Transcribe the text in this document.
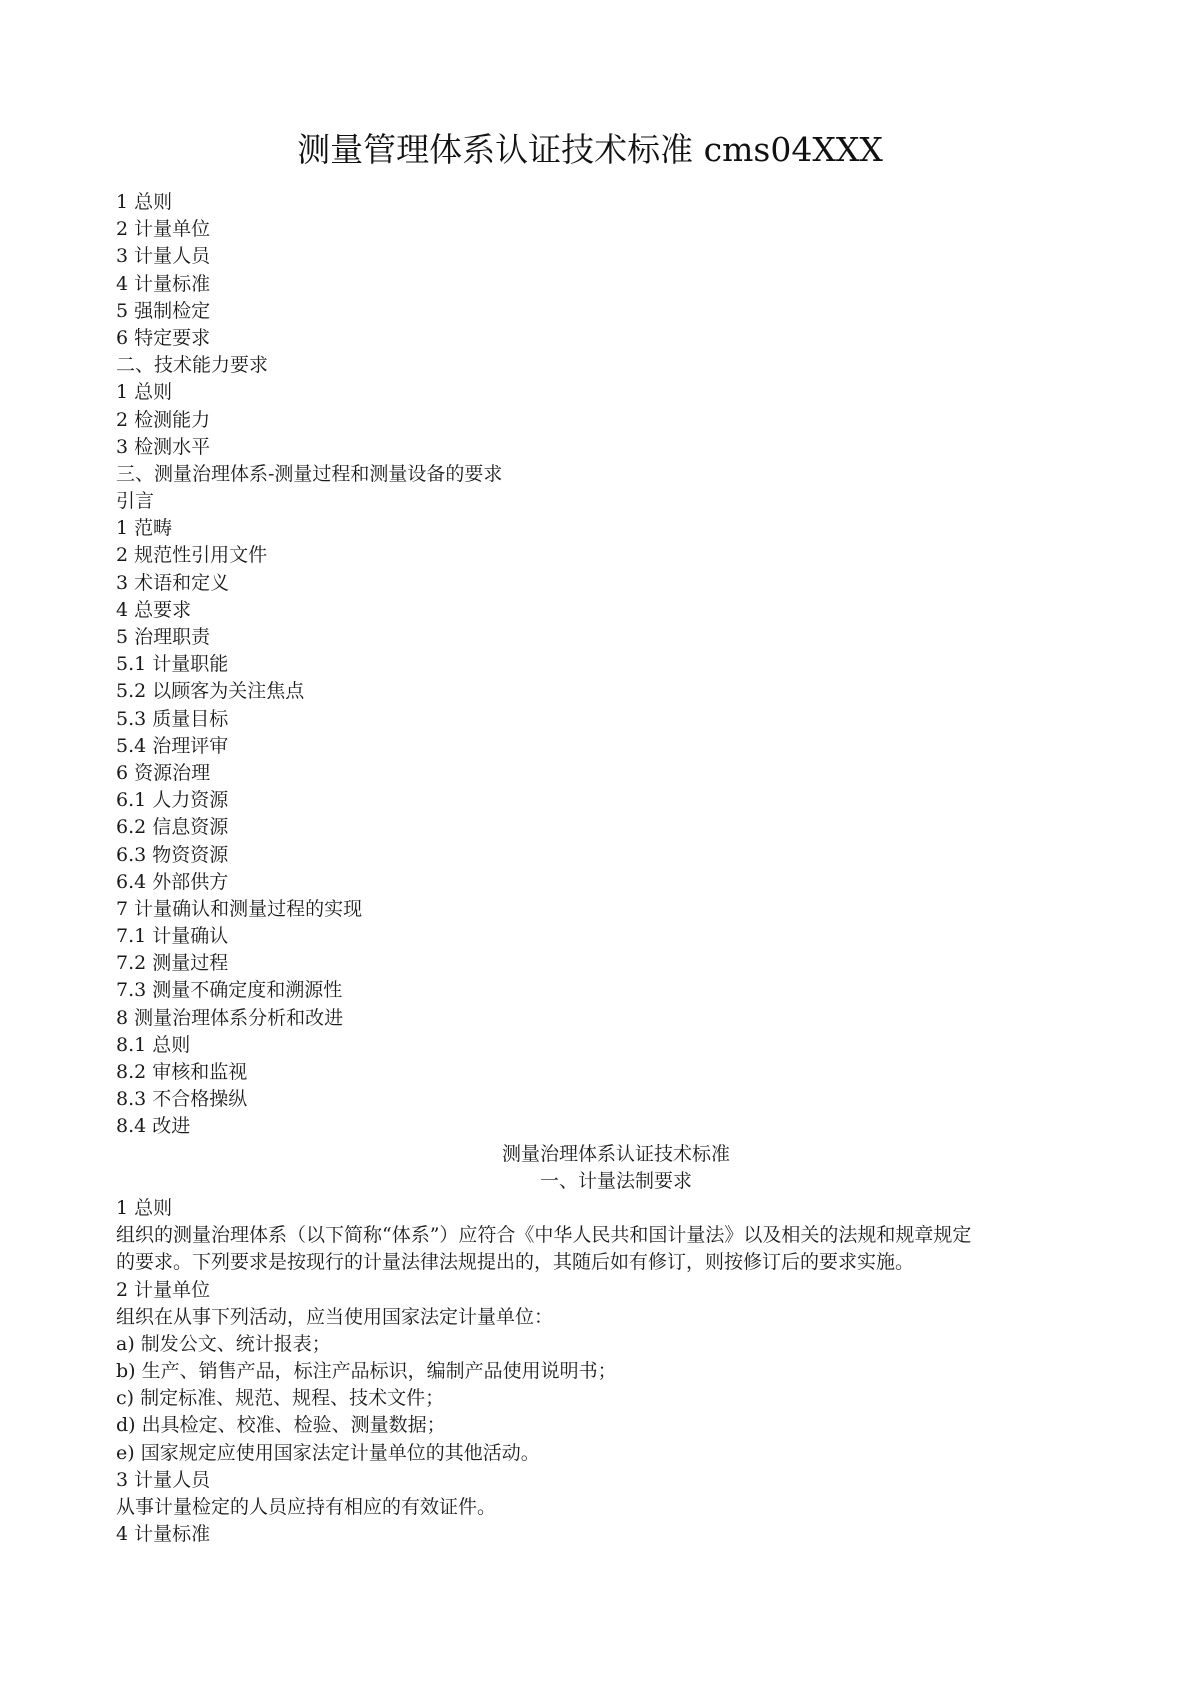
测量管理体系认证技术标准 cms04XXX
1 总则
2 计量单位
3 计量人员
4 计量标准
5 强制检定
6 特定要求
二、技术能力要求
1 总则
2 检测能力
3 检测水平
三、测量治理体系-测量过程和测量设备的要求
引言
1 范畴
2 规范性引用文件
3 术语和定义
4 总要求
5 治理职责
5.1 计量职能
5.2 以顾客为关注焦点
5.3 质量目标
5.4 治理评审
6 资源治理
6.1 人力资源
6.2 信息资源
6.3 物资资源
6.4 外部供方
7 计量确认和测量过程的实现
7.1 计量确认
7.2 测量过程
7.3 测量不确定度和溯源性
8 测量治理体系分析和改进
8.1 总则
8.2 审核和监视
8.3 不合格操纵
8.4 改进
测量治理体系认证技术标准
一、计量法制要求
1 总则
组织的测量治理体系（以下简称“体系”）应符合《中华人民共和国计量法》以及相关的法规和规章规定
的要求。下列要求是按现行的计量法律法规提出的，其随后如有修订，则按修订后的要求实施。
2 计量单位
组织在从事下列活动，应当使用国家法定计量单位：
a) 制发公文、统计报表；
b) 生产、销售产品，标注产品标识，编制产品使用说明书；
c) 制定标准、规范、规程、技术文件；
d) 出具检定、校准、检验、测量数据；
e) 国家规定应使用国家法定计量单位的其他活动。
3 计量人员
从事计量检定的人员应持有相应的有效证件。
4 计量标准
